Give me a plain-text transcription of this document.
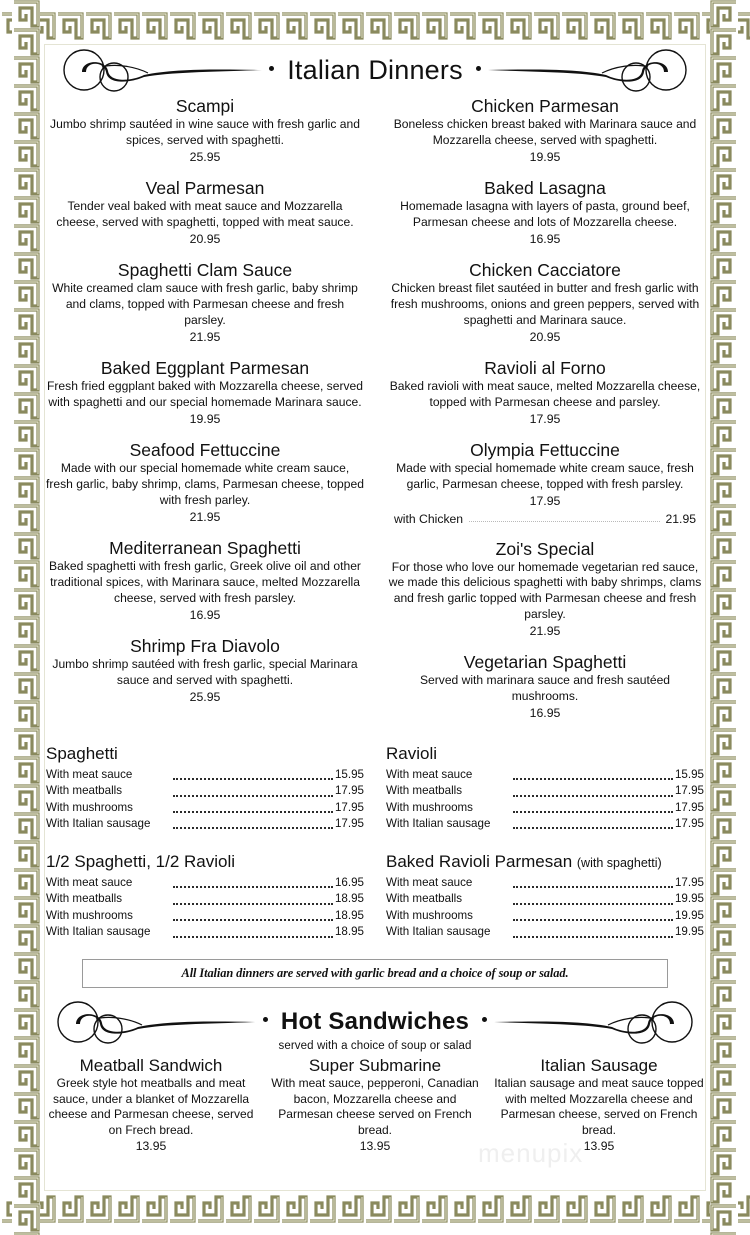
Italian Dinners
Scampi
Jumbo shrimp sautéed in wine sauce with fresh garlic and spices, served with spaghetti.
25.95
Veal Parmesan
Tender veal baked with meat sauce and Mozzarella cheese, served with spaghetti, topped with meat sauce.
20.95
Spaghetti Clam Sauce
White creamed clam sauce with fresh garlic, baby shrimp and clams, topped with Parmesan cheese and fresh parsley.
21.95
Baked Eggplant Parmesan
Fresh fried eggplant baked with Mozzarella cheese, served with spaghetti and our special homemade Marinara sauce.
19.95
Seafood Fettuccine
Made with our special homemade white cream sauce, fresh garlic, baby shrimp, clams, Parmesan cheese, topped with fresh parley.
21.95
Mediterranean Spaghetti
Baked spaghetti with fresh garlic, Greek olive oil and other traditional spices, with Marinara sauce, melted Mozzarella cheese, served with fresh parsley.
16.95
Shrimp Fra Diavolo
Jumbo shrimp sautéed with fresh garlic, special Marinara sauce and served with spaghetti.
25.95
Chicken Parmesan
Boneless chicken breast baked with Marinara sauce and Mozzarella cheese, served with spaghetti.
19.95
Baked Lasagna
Homemade lasagna with layers of pasta, ground beef, Parmesan cheese and lots of Mozzarella cheese.
16.95
Chicken Cacciatore
Chicken breast filet sautéed in butter and fresh garlic with fresh mushrooms, onions and green peppers, served with spaghetti and Marinara sauce.
20.95
Ravioli al Forno
Baked ravioli with meat sauce, melted Mozzarella cheese, topped with Parmesan cheese and parsley.
17.95
Olympia Fettuccine
Made with special homemade white cream sauce, fresh garlic, Parmesan cheese, topped with fresh parsley.
17.95
with Chicken	21.95
Zoi's Special
For those who love our homemade vegetarian red sauce, we made this delicious spaghetti with baby shrimps, clams and fresh garlic topped with Parmesan cheese and fresh parsley.
21.95
Vegetarian Spaghetti
Served with marinara sauce and fresh sautéed mushrooms.
16.95
Spaghetti
With meat sauce	15.95
With meatballs	17.95
With mushrooms	17.95
With Italian sausage	17.95
Ravioli
With meat sauce	15.95
With meatballs	17.95
With mushrooms	17.95
With Italian sausage	17.95
1/2 Spaghetti, 1/2 Ravioli
With meat sauce	16.95
With meatballs	18.95
With mushrooms	18.95
With Italian sausage	18.95
Baked Ravioli Parmesan (with spaghetti)
With meat sauce	17.95
With meatballs	19.95
With mushrooms	19.95
With Italian sausage	19.95
All Italian dinners are served with garlic bread and a choice of soup or salad.
Hot Sandwiches
served with a choice of soup or salad
Meatball Sandwich
Greek style hot meatballs and meat sauce, under a blanket of Mozzarella cheese and Parmesan cheese, served on Frech bread.
13.95
Super Submarine
With meat sauce, pepperoni, Canadian bacon, Mozzarella cheese and Parmesan cheese served on French bread.
13.95
Italian Sausage
Italian sausage and meat sauce topped with melted Mozzarella cheese and Parmesan cheese, served on French bread.
13.95
menupix
